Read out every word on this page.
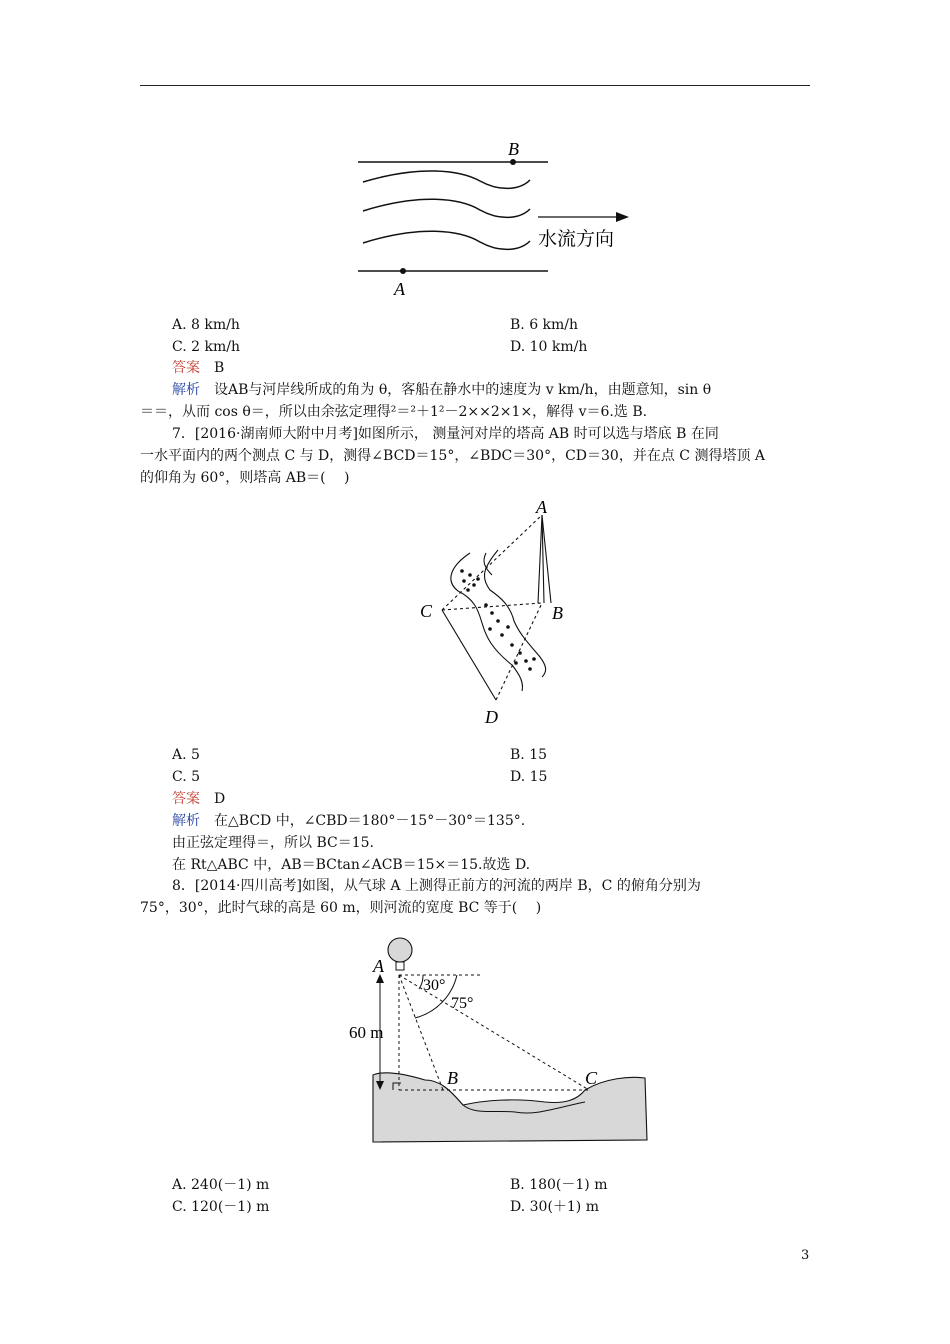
B
A
水流方向
A. 8 km/h	B. 6 km/h
C. 2 km/h	D. 10 km/h
答案　 B
解析　 设AB与河岸线所成的角为 θ，客船在静水中的速度为 v km/h，由题意知，sin θ
＝＝，从而 cos θ＝，所以由余弦定理得²＝²＋1²－2××2×1×，解得 v＝6.选 B.
7．[2016·湖南师大附中月考]如图所示， 测量河对岸的塔高 AB 时可以选与塔底 B 在同
一水平面内的两个测点 C 与 D，测得∠BCD＝15°，∠BDC＝30°，CD＝30，并在点 C 测得塔顶 A
的仰角为 60°，则塔高 AB＝(　 )
A
B
C
D
A. 5	B. 15
C. 5	D. 15
答案　 D
解析　 在△BCD 中，∠CBD＝180°－15°－30°＝135°.
由正弦定理得＝，所以 BC＝15.
在 Rt△ABC 中，AB＝BCtan∠ACB＝15×＝15.故选 D.
8．[2014·四川高考]如图，从气球 A 上测得正前方的河流的两岸 B，C 的俯角分别为
75°，30°，此时气球的高是 60 m，则河流的宽度 BC 等于(　 )
A
B	C
30°
75°
60 m
A. 240(－1) m	B. 180(－1) m
C. 120(－1) m	D. 30(＋1) m
3
